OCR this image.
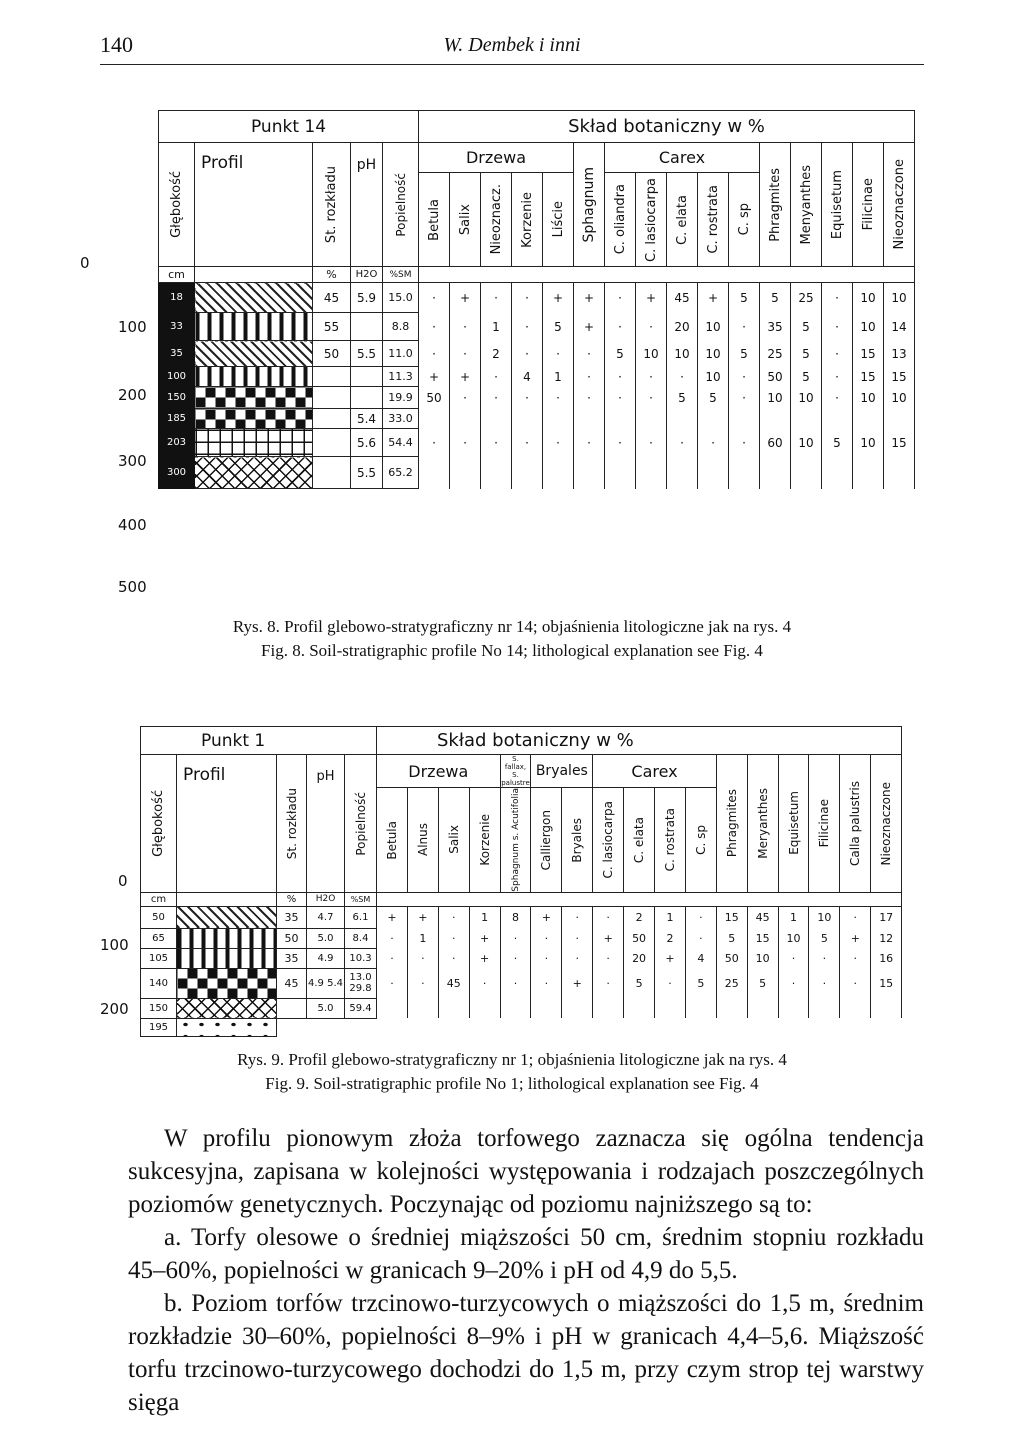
140	W. Dembek i inni
0
100
200
300
400
500
Punkt 14					Skład botaniczny w %															

Głębokość	Profil	St. rozkładu	pH	Popielność	Drzewa					Sphagnum	Carex					Phragmites	Menyanthes	Equisetum	Filicinae	Nieoznaczone

					Betula	Salix	Nieoznacz.	Korzenie	Liście		C. oliandra	C. lasiocarpa	C. elata	C. rostrata	C. sp					

cm		%	H2O	%SM																
18		45	5.9	15.0	·	+	·	·	+	+	·	+	45	+	5	5	25	·	10	10
33		55		8.8	·	·	1	·	5	+	·	·	20	10	·	35	5	·	10	14
35		50	5.5	11.0	·	·	2	·	·	·	5	10	10	10	5	25	5	·	15	13
100				11.3	+	+	·	4	1	·	·	·	·	10	·	50	5	·	15	15
150				19.9	50	·	·	·	·	·	·	·	5	5	·	10	10	·	10	10
185			5.4	33.0																
203			5.6	54.4	·	·	·	·	·	·	·	·	·	·	·	60	10	5	10	15
300			5.5	65.2																
Rys. 8. Profil glebowo-stratygraficzny nr 14; objaśnienia litologiczne jak na rys. 4
Fig. 8. Soil-stratigraphic profile No 14; lithological explanation see Fig. 4
0
100
200
Punkt 1					Skład botaniczny w %																

Głębokość	Profil	St. rozkładu	pH	Popielność	Drzewa				S. fallax, S. palustre	Bryales		Carex				Phragmites	Meryanthes	Equisetum	Filicinae	Calla palustris	Nieoznaczone

					Betula	Alnus	Salix	Korzenie	Sphagnum s. Acutifolia	Calliergon	Bryales	C. lasiocarpa	C. elata	C. rostrata	C. sp						

cm		%	H2O	%SM																	
50		35	4.7	6.1	+	+	·	1	8	+	·	·	2	1	·	15	45	1	10	·	17
65		50	5.0	8.4	·	1	·	+	·	·	·	+	50	2	·	5	15	10	5	+	12
105		35	4.9	10.3	·	·	·	+	·	·	·	·	20	+	4	50	10	·	·	·	16
140		45	4.9 5.4	13.0 29.8	·	·	45	·	·	·	+	·	5	·	5	25	5	·	·	·	15
150			5.0	59.4																	
195																					
Rys. 9. Profil glebowo-stratygraficzny nr 1; objaśnienia litologiczne jak na rys. 4
Fig. 9. Soil-stratigraphic profile No 1; lithological explanation see Fig. 4

W profilu pionowym złoża torfowego zaznacza się ogólna tendencja sukcesyjna, zapisana w kolejności występowania i rodzajach poszczególnych poziomów genetycznych. Poczynając od poziomu najniższego są to:

a. Torfy olesowe o średniej miąższości 50 cm, średnim stopniu rozkładu 45–60%, popielności w granicach 9–20% i pH od 4,9 do 5,5.

b. Poziom torfów trzcinowo-turzycowych o miąższości do 1,5 m, średnim rozkładzie 30–60%, popielności 8–9% i pH w granicach 4,4–5,6. Miąższość torfu trzcinowo-turzycowego dochodzi do 1,5 m, przy czym strop tej warstwy sięga
